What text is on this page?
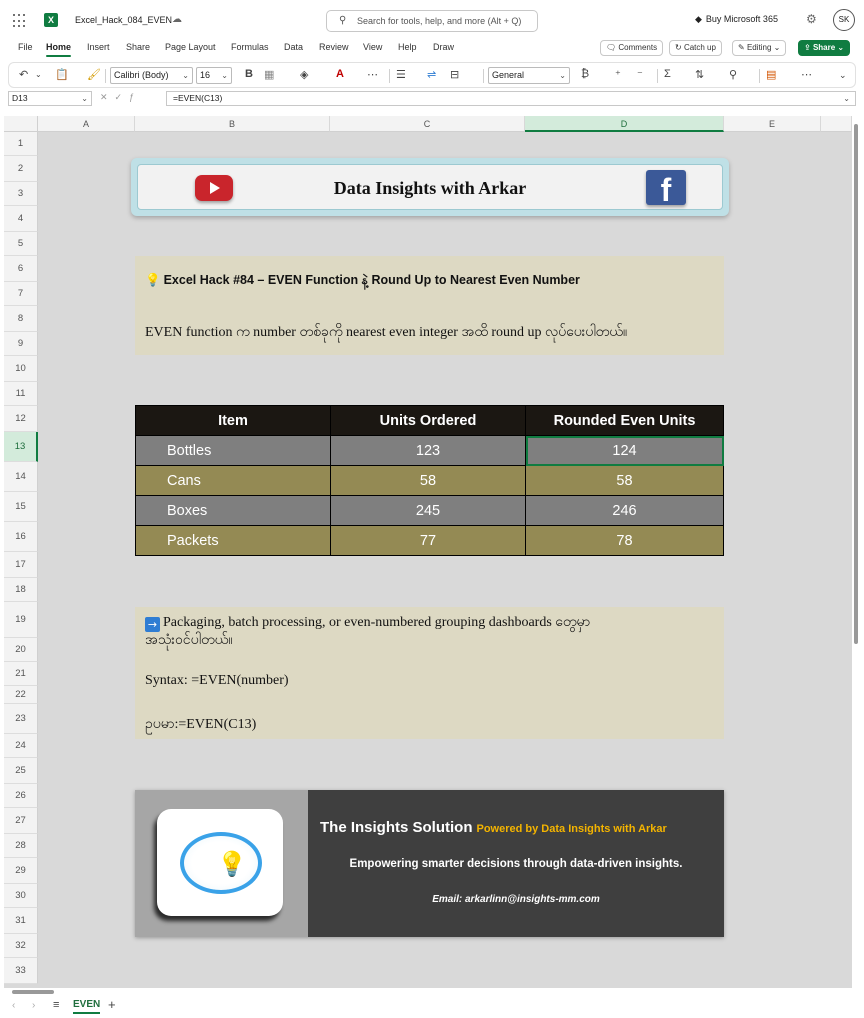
X	Excel_Hack_084_EVEN ☁	⚲ Search for tools, help, and more (Alt + Q)	◆ Buy Microsoft 365 ⚙	SK
File Home Insert Share Page Layout Formulas Data Review View Help Draw	🗨 Comments	↻ Catch up	✎ Editing ⌄	⇪ Share ⌄
↶ ⌄ 📋 🖌	Calibri (Body) ⌄	16 ⌄ B ▦ ◈	A ⋯ ☰ ⇌ ⊟	General	⌄ ₿ ⁺ ⁻ Σ ⇅ ⚲	▤ ⋯	⌄
D13	⌄ ✕✓ƒ	=EVEN(C13)	⌄
A	B	C	D	E
1
2
3
4
5
6
7
8
9
10
11
12
13
14
15
16
17
18
19
20
21
22
23
24
25
26
27
28
29
30
31
32
33
Data Insights with Arkar	f
💡 Excel Hack #84 – EVEN Function နဲ့ Round Up to Nearest Even Number
EVEN function က number တစ်ခုကို nearest even integer အထိ round up လုပ်ပေးပါတယ်။
Item	Units Ordered	Rounded Even Units
Bottles	123	124
Cans	58	58
Boxes	245	246
Packets	77	78
→ Packaging, batch processing, or even-numbered grouping dashboards တွေမှာ
အသုံးဝင်ပါတယ်။
Syntax: =EVEN(number)
ဥပမာ:=EVEN(C13)
💡
The Insights Solution Powered by Data Insights with Arkar
Empowering smarter decisions through data-driven insights.
Email: arkarlinn@insights-mm.com
‹ › ≡ EVEN +
